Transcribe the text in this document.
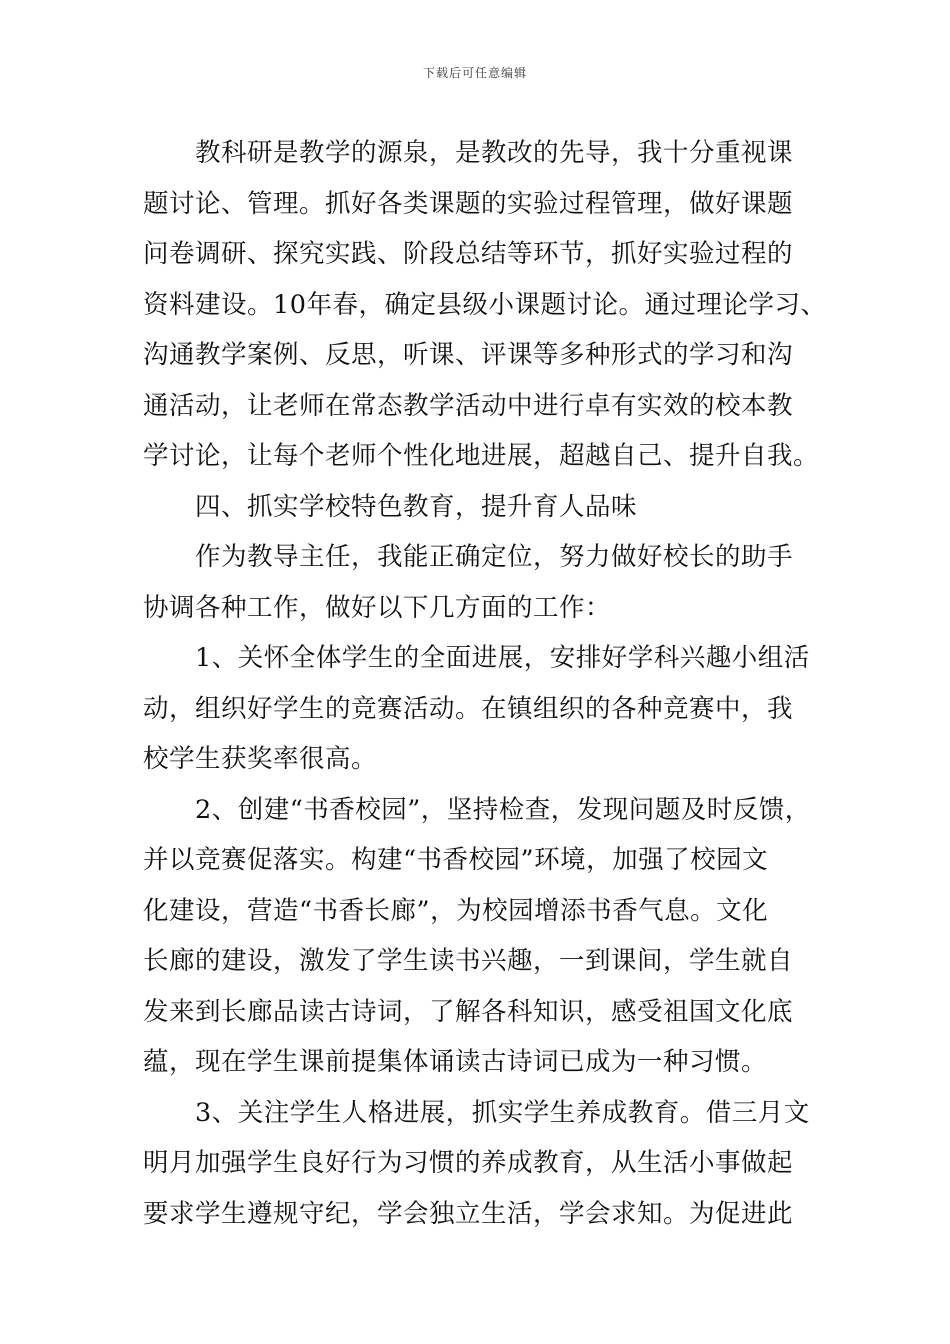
下载后可任意编辑
教科研是教学的源泉，是教改的先导，我十分重视课
题讨论、管理。抓好各类课题的实验过程管理，做好课题
问卷调研、探究实践、阶段总结等环节，抓好实验过程的
资料建设。10年春，确定县级小课题讨论。通过理论学习、
沟通教学案例、反思，听课、评课等多种形式的学习和沟
通活动，让老师在常态教学活动中进行卓有实效的校本教
学讨论，让每个老师个性化地进展，超越自己、提升自我。
四、抓实学校特色教育，提升育人品味
作为教导主任，我能正确定位，努力做好校长的助手
协调各种工作，做好以下几方面的工作：
1、关怀全体学生的全面进展，安排好学科兴趣小组活
动，组织好学生的竞赛活动。在镇组织的各种竞赛中，我
校学生获奖率很高。
2、创建“书香校园”，坚持检查，发现问题及时反馈，
并以竞赛促落实。构建“书香校园”环境，加强了校园文
化建设，营造“书香长廊”，为校园增添书香气息。文化
长廊的建设，激发了学生读书兴趣，一到课间，学生就自
发来到长廊品读古诗词，了解各科知识，感受祖国文化底
蕴，现在学生课前提集体诵读古诗词已成为一种习惯。
3、关注学生人格进展，抓实学生养成教育。借三月文
明月加强学生良好行为习惯的养成教育，从生活小事做起
要求学生遵规守纪，学会独立生活，学会求知。为促进此
